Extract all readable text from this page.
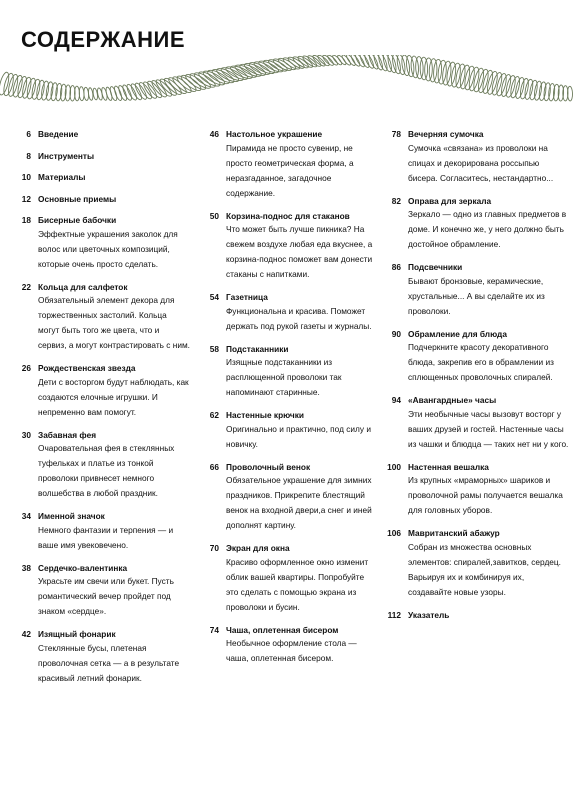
СОДЕРЖАНИЕ
6 Введение
8 Инструменты
10 Материалы
12 Основные приемы
18 Бисерные бабочки
Эффектные украшения заколок для волос или цветочных композиций, которые очень просто сделать.
22 Кольца для салфеток
Обязательный элемент декора для торжественных застолий. Кольца могут быть того же цвета, что и сервиз, а могут контрастировать с ним.
26 Рождественская звезда
Дети с восторгом будут наблюдать, как создаются елочные игрушки. И непременно вам помогут.
30 Забавная фея
Очаровательная фея в стеклянных туфельках и платье из тонкой проволоки привнесет немного волшебства в любой праздник.
34 Именной значок
Немного фантазии и терпения — и ваше имя увековечено.
38 Сердечко-валентинка
Украсьте им свечи или букет. Пусть романтический вечер пройдет под знаком «сердце».
42 Изящный фонарик
Стеклянные бусы, плетеная проволочная сетка — а в результате красивый летний фонарик.
46 Настольное украшение
Пирамида не просто сувенир, не просто геометрическая форма, а неразгаданное, загадочное содержание.
50 Корзина-поднос для стаканов
Что может быть лучше пикника? На свежем воздухе любая еда вкуснее, а корзина-поднос поможет вам донести стаканы с напитками.
54 Газетница
Функциональна и красива. Поможет держать под рукой газеты и журналы.
58 Подстаканники
Изящные подстаканники из расплющенной проволоки так напоминают старинные.
62 Настенные крючки
Оригинально и практично, под силу и новичку.
66 Проволочный венок
Обязательное украшение для зимних праздников. Прикрепите блестящий венок на входной двери,а снег и иней дополнят картину.
70 Экран для окна
Красиво оформленное окно изменит облик вашей квартиры. Попробуйте это сделать с помощью экрана из проволоки и бусин.
74 Чаша, оплетенная бисером
Необычное оформление стола — чаша, оплетенная бисером.
78 Вечерняя сумочка
Сумочка «связана» из проволоки на спицах и декорирована россыпью бисера. Согласитесь, нестандартно...
82 Оправа для зеркала
Зеркало — одно из главных предметов в доме. И конечно же, у него должно быть достойное обрамление.
86 Подсвечники
Бывают бронзовые, керамические, хрустальные... А вы сделайте их из проволоки.
90 Обрамление для блюда
Подчеркните красоту декоративного блюда, закрепив его в обрамлении из сплющенных проволочных спиралей.
94 «Авангардные» часы
Эти необычные часы вызовут восторг у ваших друзей и гостей. Настенные часы из чашки и блюдца — таких нет ни у кого.
100 Настенная вешалка
Из крупных «мраморных» шариков и проволочной рамы получается вешалка для головных уборов.
106 Мавританский абажур
Собран из множества основных элементов: спиралей,завитков, сердец. Варьируя их и комбинируя их, создавайте новые узоры.
112 Указатель
